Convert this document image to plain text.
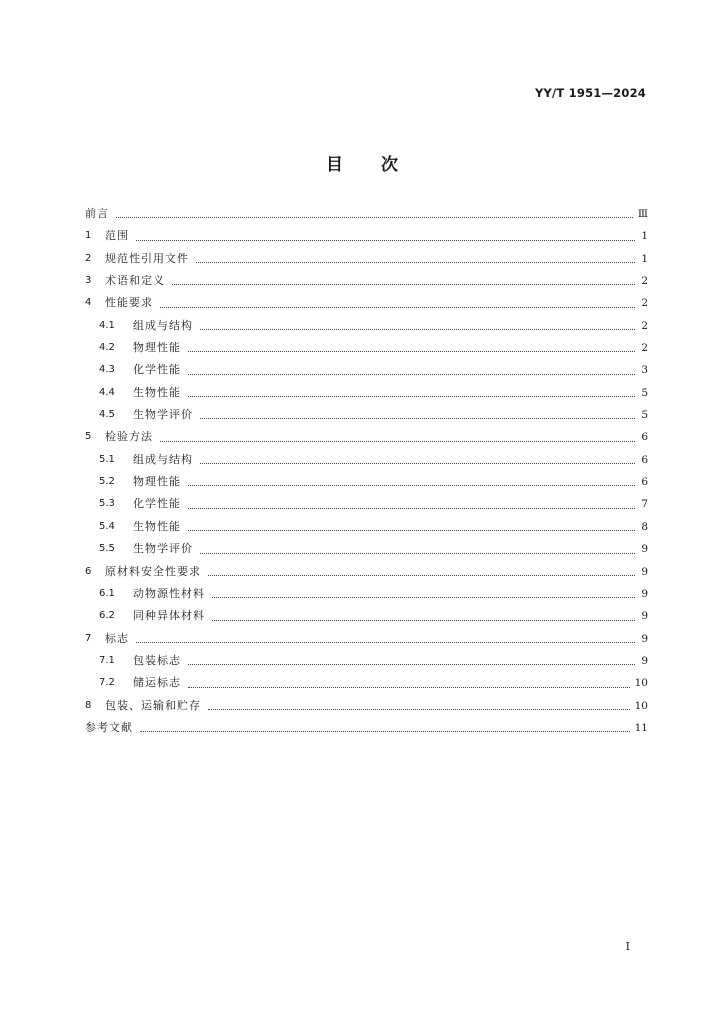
YY/T 1951—2024
目 次
前言	Ⅲ
1	范围	1
2	规范性引用文件	1
3	术语和定义	2
4	性能要求	2
4.1	组成与结构	2
4.2	物理性能	2
4.3	化学性能	3
4.4	生物性能	5
4.5	生物学评价	5
5	检验方法	6
5.1	组成与结构	6
5.2	物理性能	6
5.3	化学性能	7
5.4	生物性能	8
5.5	生物学评价	9
6	原材料安全性要求	9
6.1	动物源性材料	9
6.2	同种异体材料	9
7	标志	9
7.1	包装标志	9
7.2	储运标志	10
8	包装、运输和贮存	10
参考文献	11
I
